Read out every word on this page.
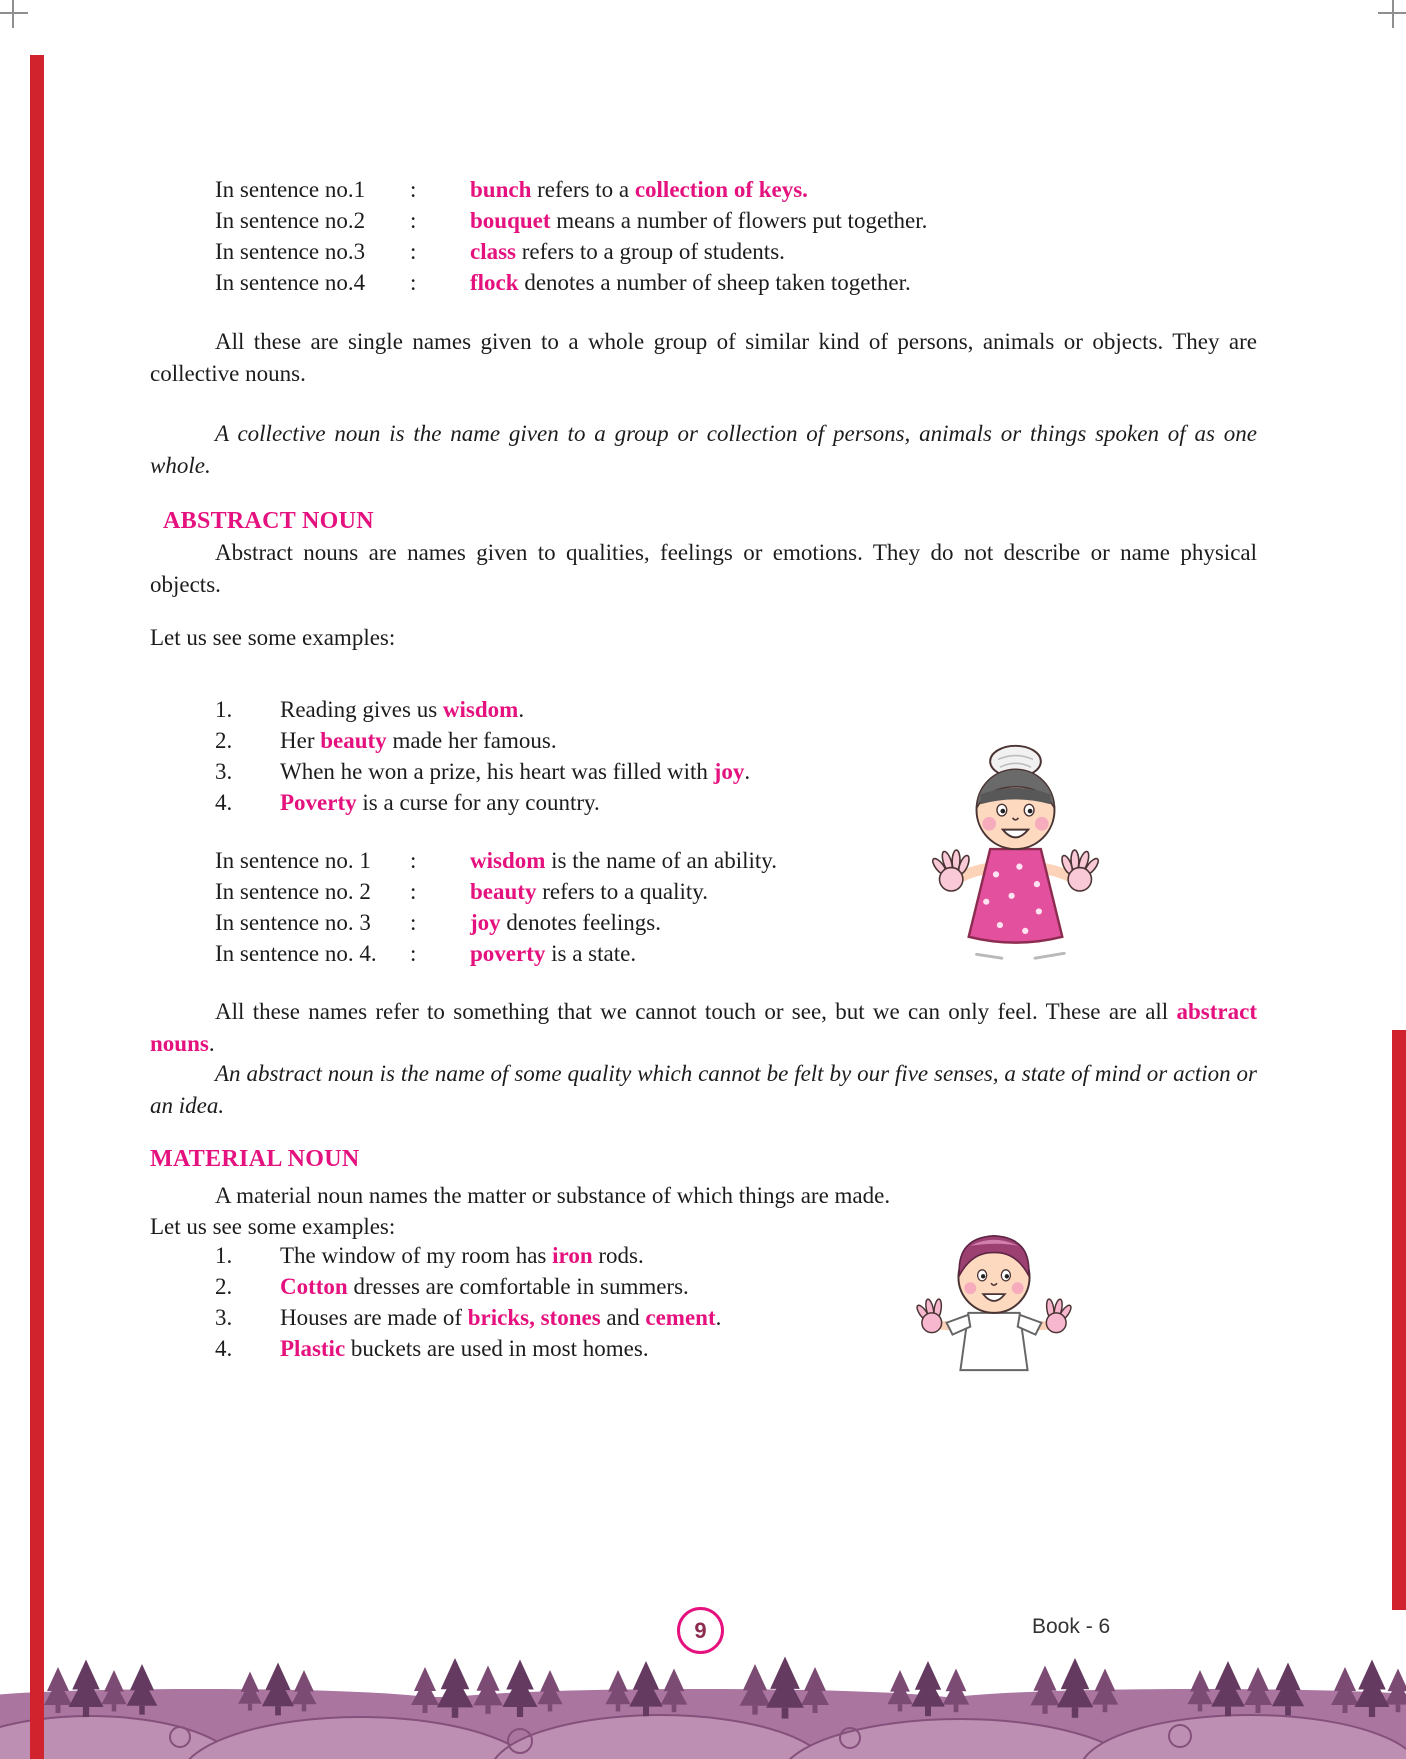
In sentence no.1	:	bunch refers to a collection of keys.
In sentence no.2	:	bouquet means a number of flowers put together.
In sentence no.3	:	class refers to a group of students.
In sentence no.4	:	flock denotes a number of sheep taken together.

All these are single names given to a whole group of similar kind of persons, animals or objects. They are collective nouns.

A collective noun is the name given to a group or collection of persons, animals or things spoken of as one whole.

ABSTRACT NOUN

Abstract nouns are names given to qualities, feelings or emotions. They do not describe or name physical objects.

Let us see some examples:

1.	Reading gives us wisdom.
2.	Her beauty made her famous.
3.	When he won a prize, his heart was filled with joy.
4.	Poverty is a curse for any country.
In sentence no. 1	:	wisdom is the name of an ability.
In sentence no. 2	:	beauty refers to a quality.
In sentence no. 3	:	joy denotes feelings.
In sentence no. 4.	:	poverty is a state.

All these names refer to something that we cannot touch or see, but we can only feel. These are all abstract nouns.

An abstract noun is the name of some quality which cannot be felt by our five senses, a state of mind or action or an idea.

MATERIAL NOUN

A material noun names the matter or substance of which things are made.

Let us see some examples:

1.	The window of my room has iron rods.
2.	Cotton dresses are comfortable in summers.
3.	Houses are made of bricks, stones and cement.
4.	Plastic buckets are used in most homes.
9	Book - 6
